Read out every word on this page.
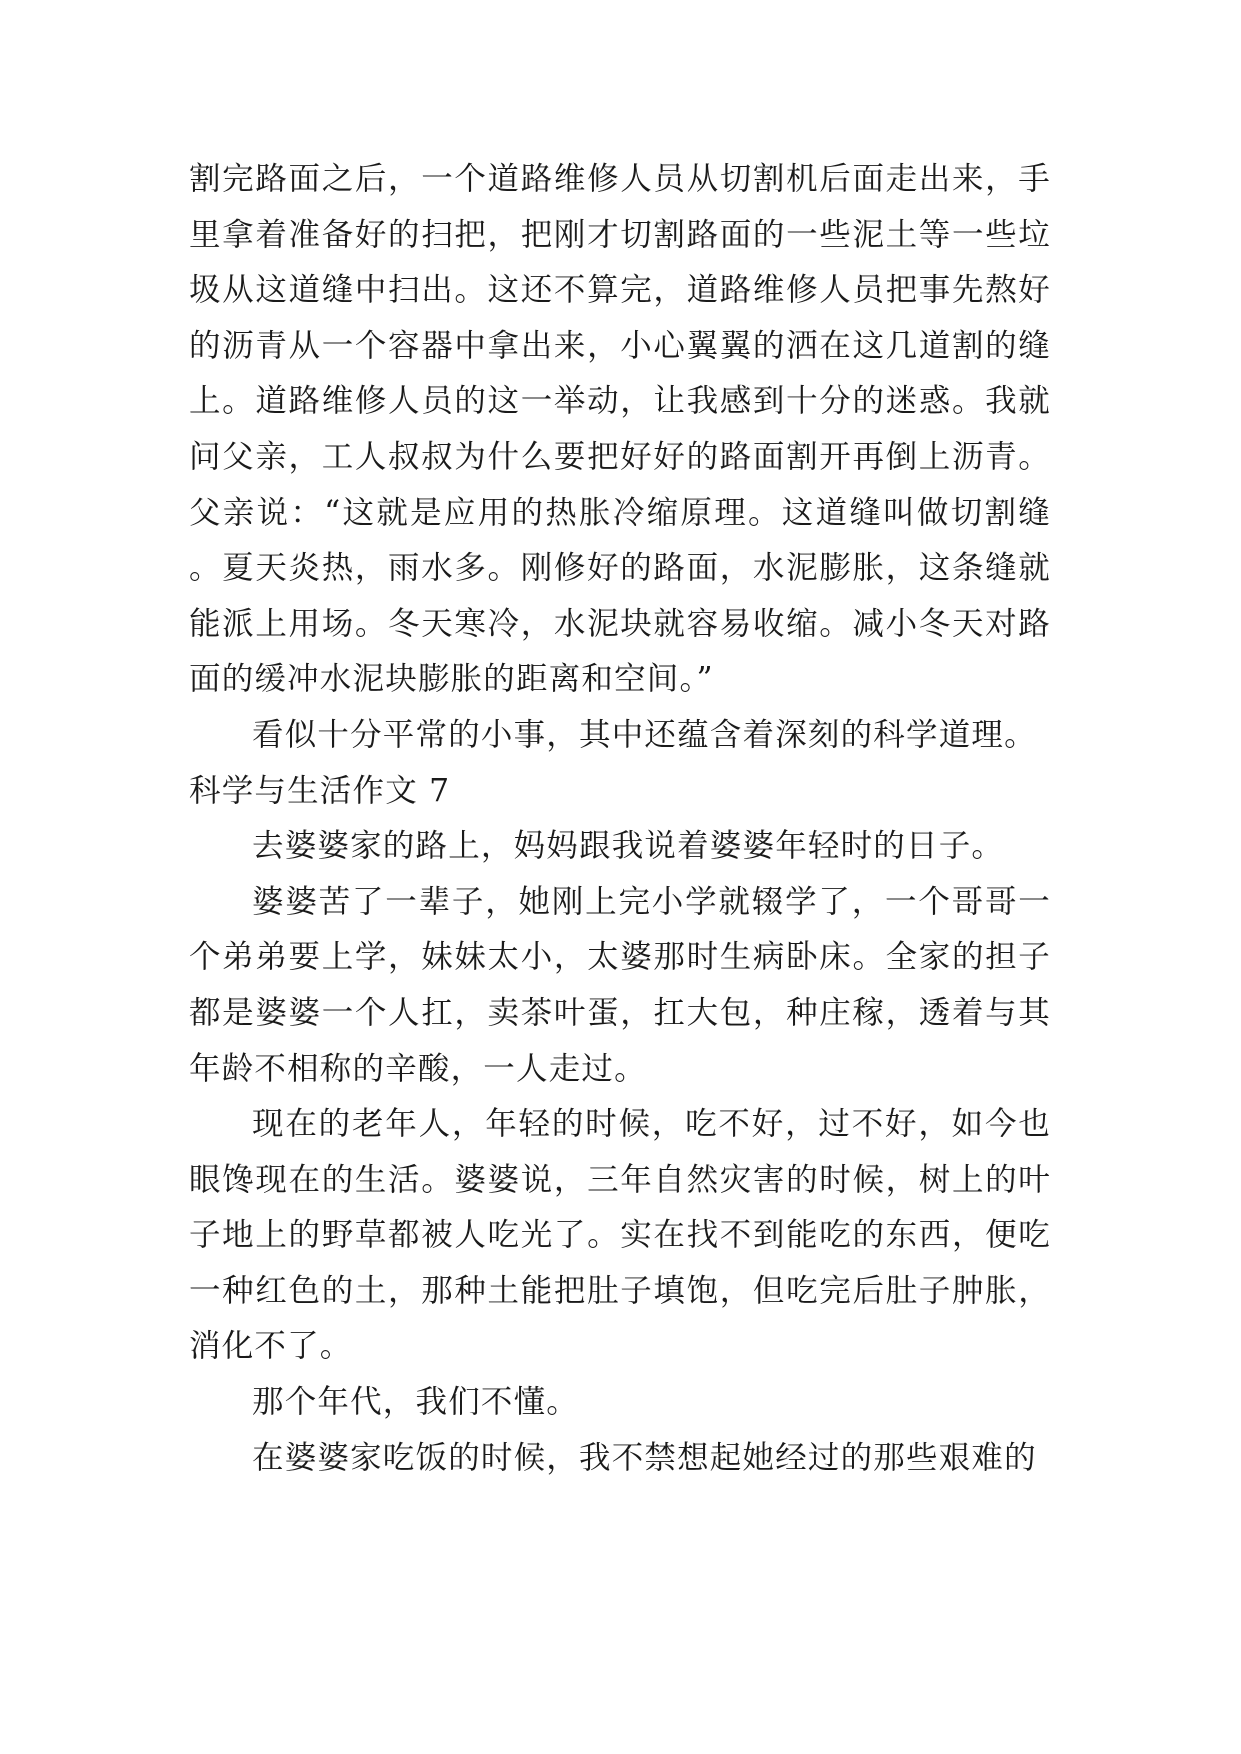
割完路面之后，一个道路维修人员从切割机后面走出来，手里拿着准备好的扫把，把刚才切割路面的一些泥土等一些垃圾从这道缝中扫出。这还不算完，道路维修人员把事先熬好的沥青从一个容器中拿出来，小心翼翼的洒在这几道割的缝上。道路维修人员的这一举动，让我感到十分的迷惑。我就问父亲，工人叔叔为什么要把好好的路面割开再倒上沥青。父亲说：“这就是应用的热胀冷缩原理。这道缝叫做切割缝。夏天炎热，雨水多。刚修好的路面，水泥膨胀，这条缝就能派上用场。冬天寒冷，水泥块就容易收缩。减小冬天对路面的缓冲水泥块膨胀的距离和空间。”

看似十分平常的小事，其中还蕴含着深刻的科学道理。

科学与生活作文 7

去婆婆家的路上，妈妈跟我说着婆婆年轻时的日子。

婆婆苦了一辈子，她刚上完小学就辍学了，一个哥哥一个弟弟要上学，妹妹太小，太婆那时生病卧床。全家的担子都是婆婆一个人扛，卖茶叶蛋，扛大包，种庄稼，透着与其年龄不相称的辛酸，一人走过。

现在的老年人，年轻的时候，吃不好，过不好，如今也眼馋现在的生活。婆婆说，三年自然灾害的时候，树上的叶子地上的野草都被人吃光了。实在找不到能吃的东西，便吃一种红色的土，那种土能把肚子填饱，但吃完后肚子肿胀，消化不了。

那个年代，我们不懂。

在婆婆家吃饭的时候，我不禁想起她经过的那些艰难的
